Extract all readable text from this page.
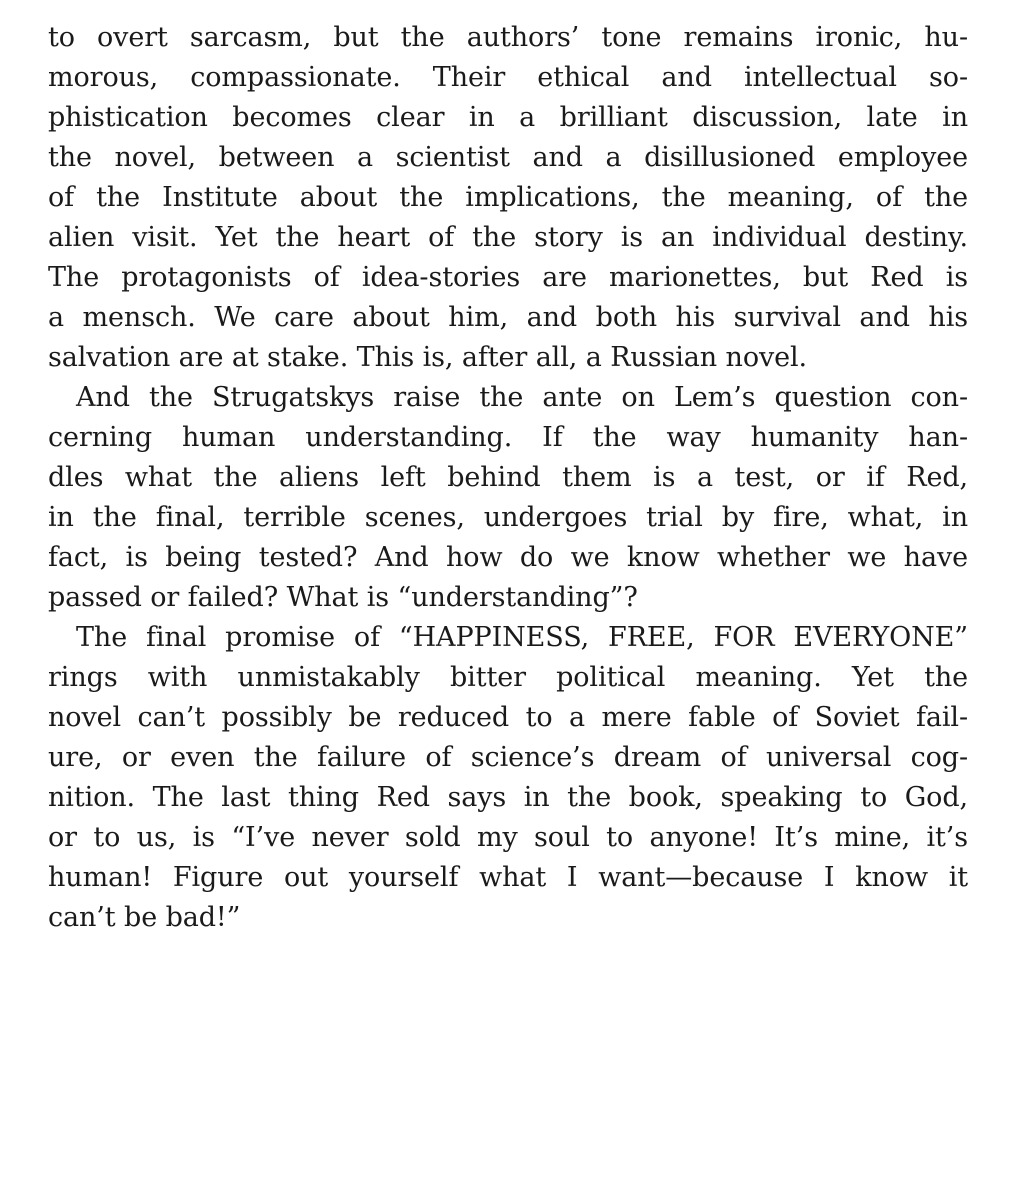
to overt sarcasm, but the authors’ tone remains ironic, hu-
morous, compassionate. Their ethical and intellectual so-
phistication becomes clear in a brilliant discussion, late in
the novel, between a scientist and a disillusioned employee
of the Institute about the implications, the meaning, of the
alien visit. Yet the heart of the story is an individual destiny.
The protagonists of idea-stories are marionettes, but Red is
a mensch. We care about him, and both his survival and his
salvation are at stake. This is, after all, a Russian novel.
And the Strugatskys raise the ante on Lem’s question con-
cerning human understanding. If the way humanity han-
dles what the aliens left behind them is a test, or if Red,
in the final, terrible scenes, undergoes trial by fire, what, in
fact, is being tested? And how do we know whether we have
passed or failed? What is “understanding”?
The final promise of “HAPPINESS, FREE, FOR EVERYONE”
rings with unmistakably bitter political meaning. Yet the
novel can’t possibly be reduced to a mere fable of Soviet fail-
ure, or even the failure of science’s dream of universal cog-
nition. The last thing Red says in the book, speaking to God,
or to us, is “I’ve never sold my soul to anyone! It’s mine, it’s
human! Figure out yourself what I want—because I know it
can’t be bad!”
